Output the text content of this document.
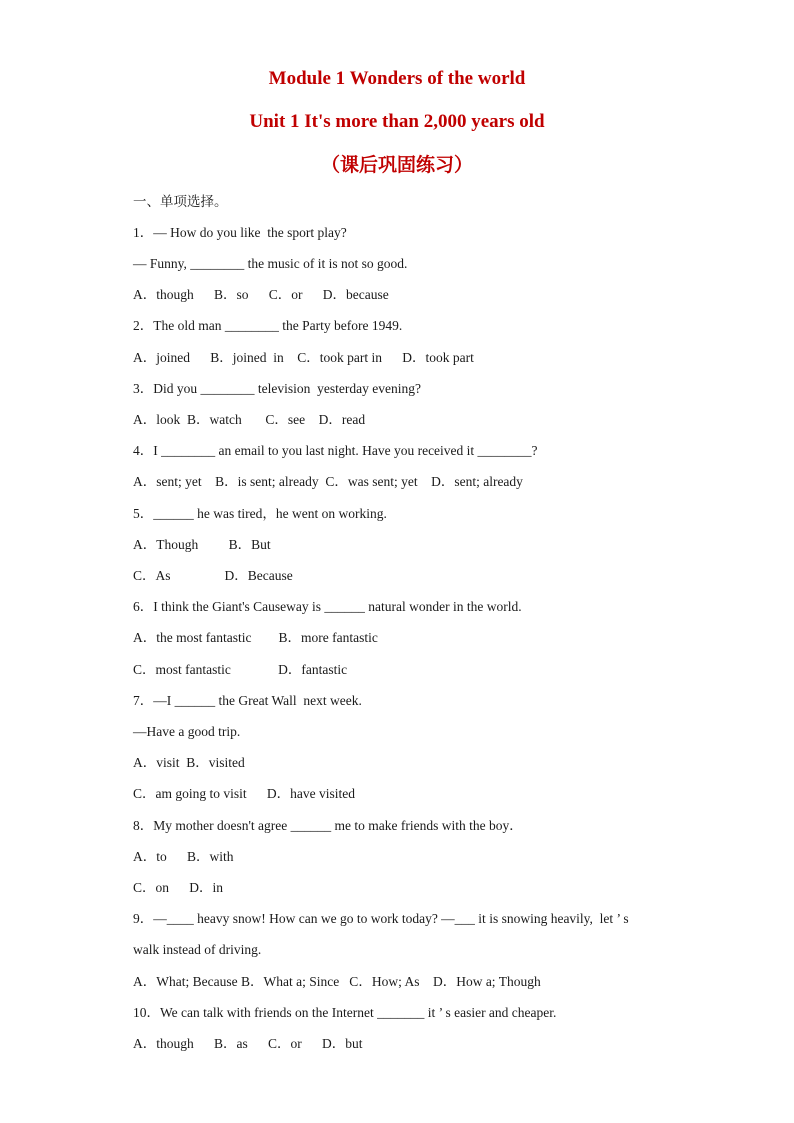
Module 1 Wonders of the world
Unit 1 It's more than 2,000 years old
（课后巩固练习）
一、单项选择。
1．— How do you like  the sport play?
— Funny, ________ the music of it is not so good.
A．though      B．so      C．or      D．because
2．The old man ________ the Party before 1949.
A．joined      B．joined  in    C．took part in      D．took part
3．Did you ________ television  yesterday evening?
A．look  B．watch       C．see    D．read
4．I ________ an email to you last night. Have you received it ________?
A．sent; yet    B．is sent; already  C．was sent; yet    D．sent; already
5．______ he was tired，he went on working.
A．Though         B．But
C．As                D．Because
6．I think the Giant's Causeway is ______ natural wonder in the world.
A．the most fantastic        B．more fantastic
C．most fantastic              D．fantastic
7．—I ______ the Great Wall  next week.
—Have a good trip.
A．visit  B．visited
C．am going to visit      D．have visited
8．My mother doesn't agree ______ me to make friends with the boy．
A．to      B．with
C．on      D．in
9．—____ heavy snow! How can we go to work today? —___ it is snowing heavily,  let ’ s
walk instead of driving.
A．What; Because B．What a; Since   C．How; As    D．How a; Though
10．We can talk with friends on the Internet _______ it ’ s easier and cheaper.
A．though      B．as      C．or      D．but
